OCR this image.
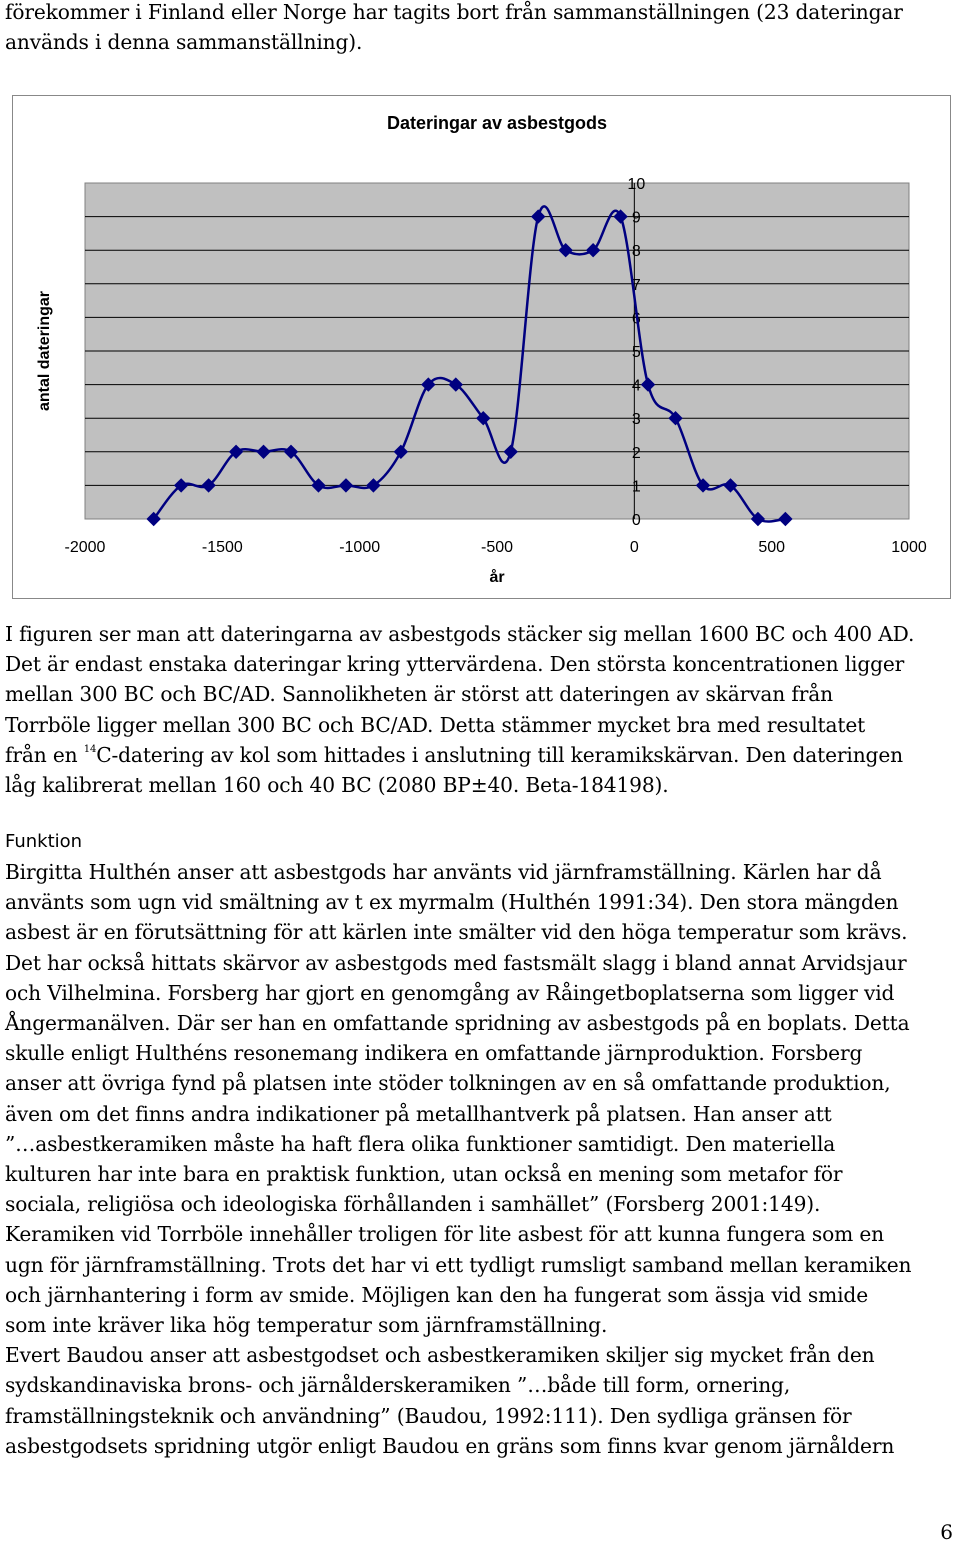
förekommer i Finland eller Norge har tagits bort från sammanställningen (23 dateringar

används i denna sammanställning).

Dateringar av asbestgods
0
1
2
3
4
5
6
7
8
9
10
-2000	-1500	-1000	-500	0	500	1000
år
antal dateringar

I figuren ser man att dateringarna av asbestgods stäcker sig mellan 1600 BC och 400 AD.

Det är endast enstaka dateringar kring yttervärdena. Den största koncentrationen ligger

mellan 300 BC och BC/AD. Sannolikheten är störst att dateringen av skärvan från

Torrböle ligger mellan 300 BC och BC/AD. Detta stämmer mycket bra med resultatet

från en $^{14}$C-datering av kol som hittades i anslutning till keramikskärvan. Den dateringen

låg kalibrerat mellan 160 och 40 BC (2080 BP±40. Beta-184198).

Funktion

Birgitta Hulthén anser att asbestgods har använts vid järnframställning. Kärlen har då

använts som ugn vid smältning av t ex myrmalm (Hulthén 1991:34). Den stora mängden

asbest är en förutsättning för att kärlen inte smälter vid den höga temperatur som krävs.

Det har också hittats skärvor av asbestgods med fastsmält slagg i bland annat Arvidsjaur

och Vilhelmina. Forsberg har gjort en genomgång av Råingetboplatserna som ligger vid

Ångermanälven. Där ser han en omfattande spridning av asbestgods på en boplats. Detta

skulle enligt Hulthéns resonemang indikera en omfattande järnproduktion. Forsberg

anser att övriga fynd på platsen inte stöder tolkningen av en så omfattande produktion,

även om det finns andra indikationer på metallhantverk på platsen. Han anser att

”…asbestkeramiken måste ha haft flera olika funktioner samtidigt. Den materiella

kulturen har inte bara en praktisk funktion, utan också en mening som metafor för

sociala, religiösa och ideologiska förhållanden i samhället” (Forsberg 2001:149).

Keramiken vid Torrböle innehåller troligen för lite asbest för att kunna fungera som en

ugn för järnframställning. Trots det har vi ett tydligt rumsligt samband mellan keramiken

och järnhantering i form av smide. Möjligen kan den ha fungerat som ässja vid smide

som inte kräver lika hög temperatur som järnframställning.

Evert Baudou anser att asbestgodset och asbestkeramiken skiljer sig mycket från den

sydskandinaviska brons- och järnålderskeramiken ”…både till form, ornering,

framställningsteknik och användning” (Baudou, 1992:111). Den sydliga gränsen för

asbestgodsets spridning utgör enligt Baudou en gräns som finns kvar genom järnåldern

6
